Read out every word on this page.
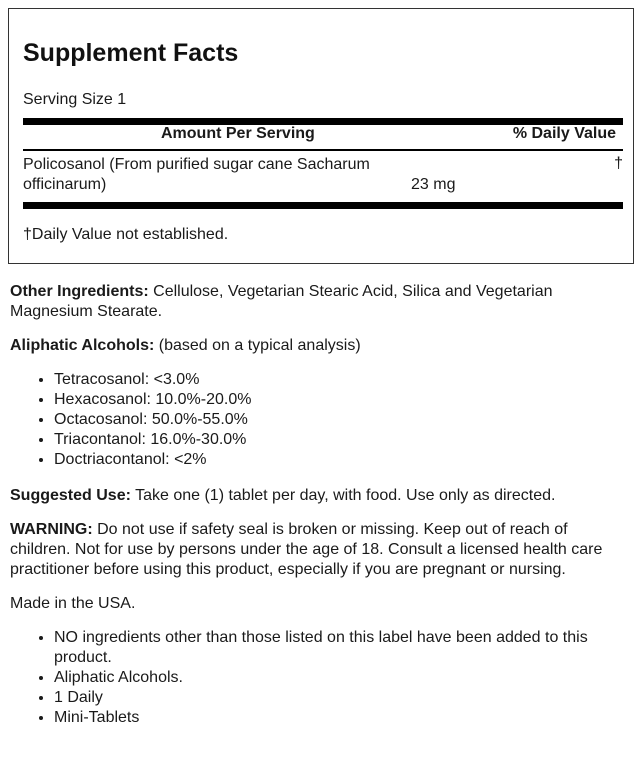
Supplement Facts
Serving Size 1
Amount Per Serving	% Daily Value
Policosanol (From purified sugar cane Sacharum officinarum)	23 mg
†
†Daily Value not established.

Other Ingredients: Cellulose, Vegetarian Stearic Acid, Silica and Vegetarian Magnesium Stearate.

Aliphatic Alcohols: (based on a typical analysis)

• Tetracosanol: <3.0%
• Hexacosanol: 10.0%-20.0%
• Octacosanol: 50.0%-55.0%
• Triacontanol: 16.0%-30.0%
• Doctriacontanol: <2%

Suggested Use: Take one (1) tablet per day, with food. Use only as directed.

WARNING: Do not use if safety seal is broken or missing. Keep out of reach of children. Not for use by persons under the age of 18. Consult a licensed health care practitioner before using this product, especially if you are pregnant or nursing.

Made in the USA.

• NO ingredients other than those listed on this label have been added to this product.
• Aliphatic Alcohols.
• 1 Daily
• Mini-Tablets
